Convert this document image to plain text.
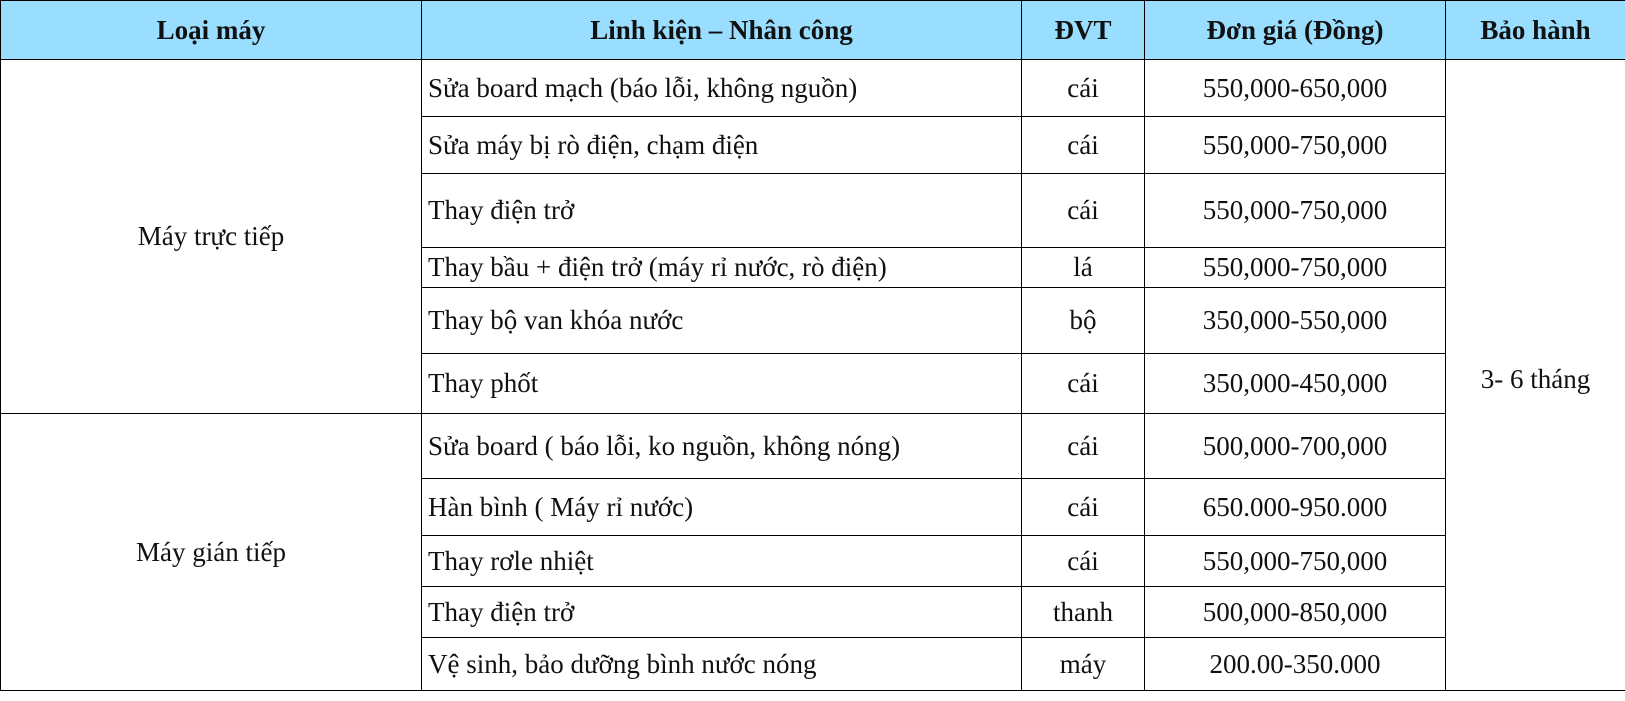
Loại máy	Linh kiện – Nhân công	ĐVT	Đơn giá (Đồng)	Bảo hành
Máy trực tiếp	Sửa board mạch (báo lỗi, không nguồn)	cái	550,000-650,000	3- 6 tháng
	Sửa máy bị rò điện, chạm điện	cái	550,000-750,000	
	Thay điện trở	cái	550,000-750,000	
	Thay bầu + điện trở (máy rỉ nước, rò điện)	lá	550,000-750,000	
	Thay bộ van khóa nước	bộ	350,000-550,000	
	Thay phốt	cái	350,000-450,000	
Máy gián tiếp	Sửa board ( báo lỗi, ko nguồn, không nóng)	cái	500,000-700,000	
	Hàn bình ( Máy rỉ nước)	cái	650.000-950.000	
	Thay rơle nhiệt	cái	550,000-750,000	
	Thay điện trở	thanh	500,000-850,000	
	Vệ sinh, bảo dưỡng bình nước nóng	máy	200.00-350.000	
